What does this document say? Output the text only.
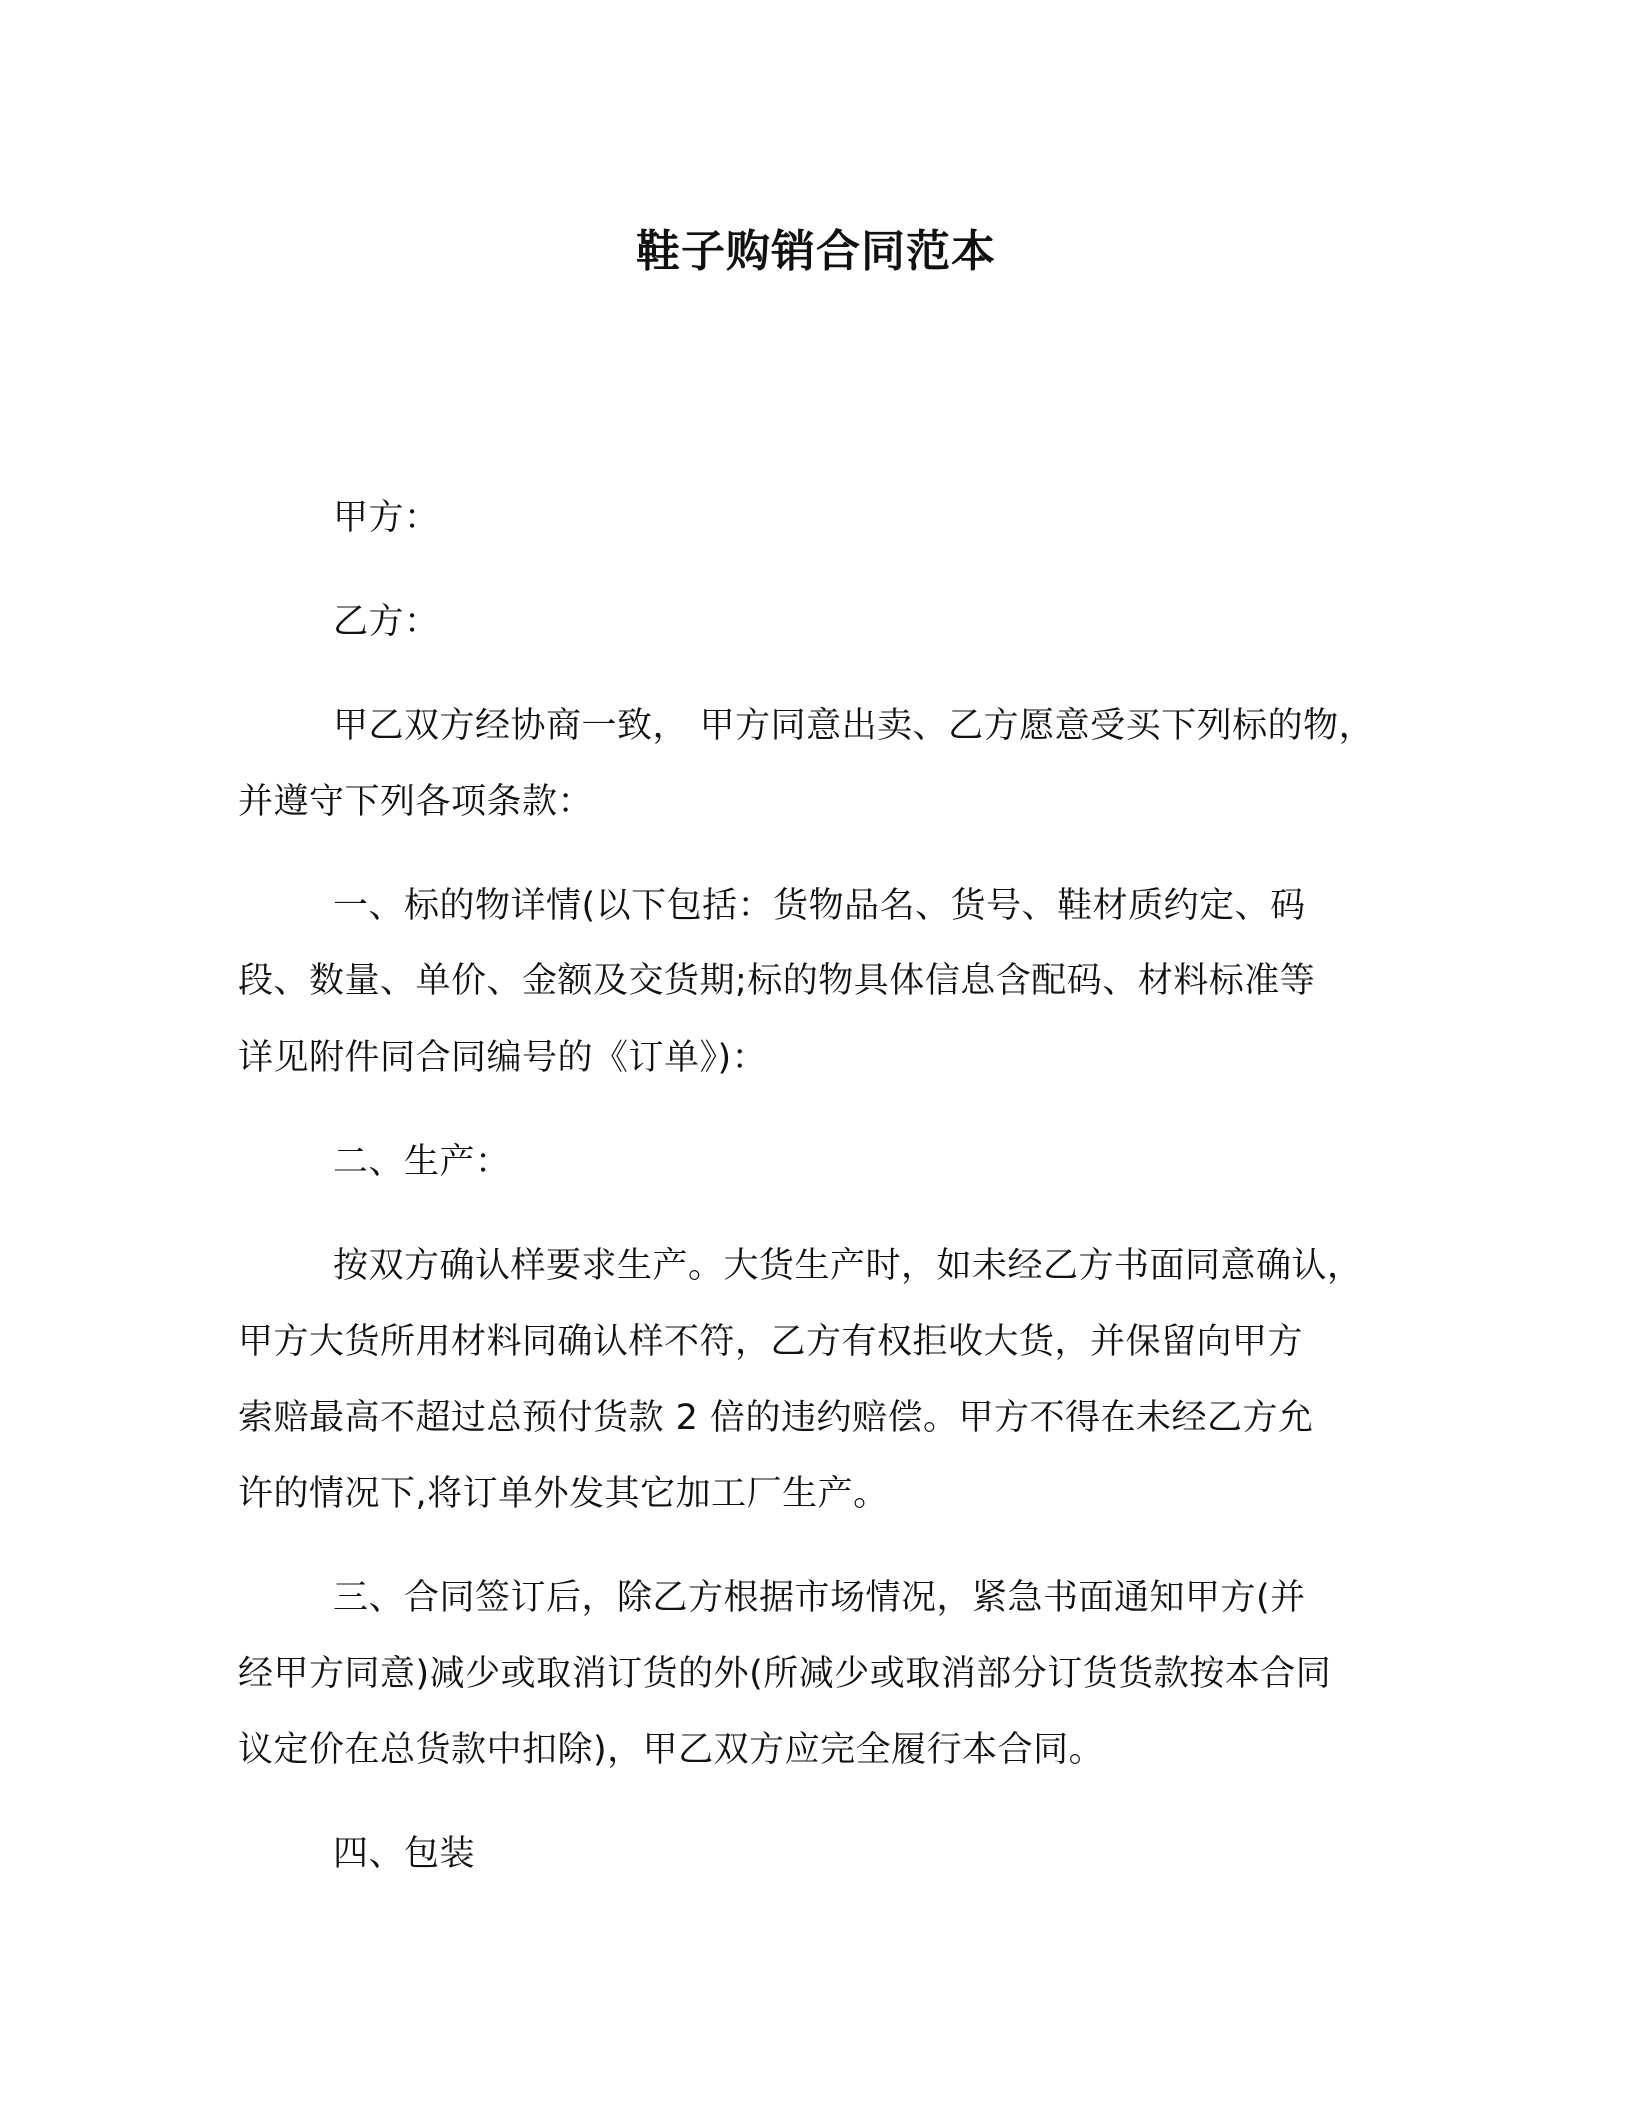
鞋子购销合同范本
甲方：
乙方：
甲乙双方经协商一致， 甲方同意出卖、乙方愿意受买下列标的物，
并遵守下列各项条款：
一、标的物详情(以下包括：货物品名、货号、鞋材质约定、码
段、数量、单价、金额及交货期;标的物具体信息含配码、材料标准等
详见附件同合同编号的《订单》)：
二、生产：
按双方确认样要求生产。大货生产时，如未经乙方书面同意确认，
甲方大货所用材料同确认样不符，乙方有权拒收大货，并保留向甲方
索赔最高不超过总预付货款 2 倍的违约赔偿。甲方不得在未经乙方允
许的情况下,将订单外发其它加工厂生产。
三、合同签订后，除乙方根据市场情况，紧急书面通知甲方(并
经甲方同意)减少或取消订货的外(所减少或取消部分订货货款按本合同
议定价在总货款中扣除)，甲乙双方应完全履行本合同。
四、包装
